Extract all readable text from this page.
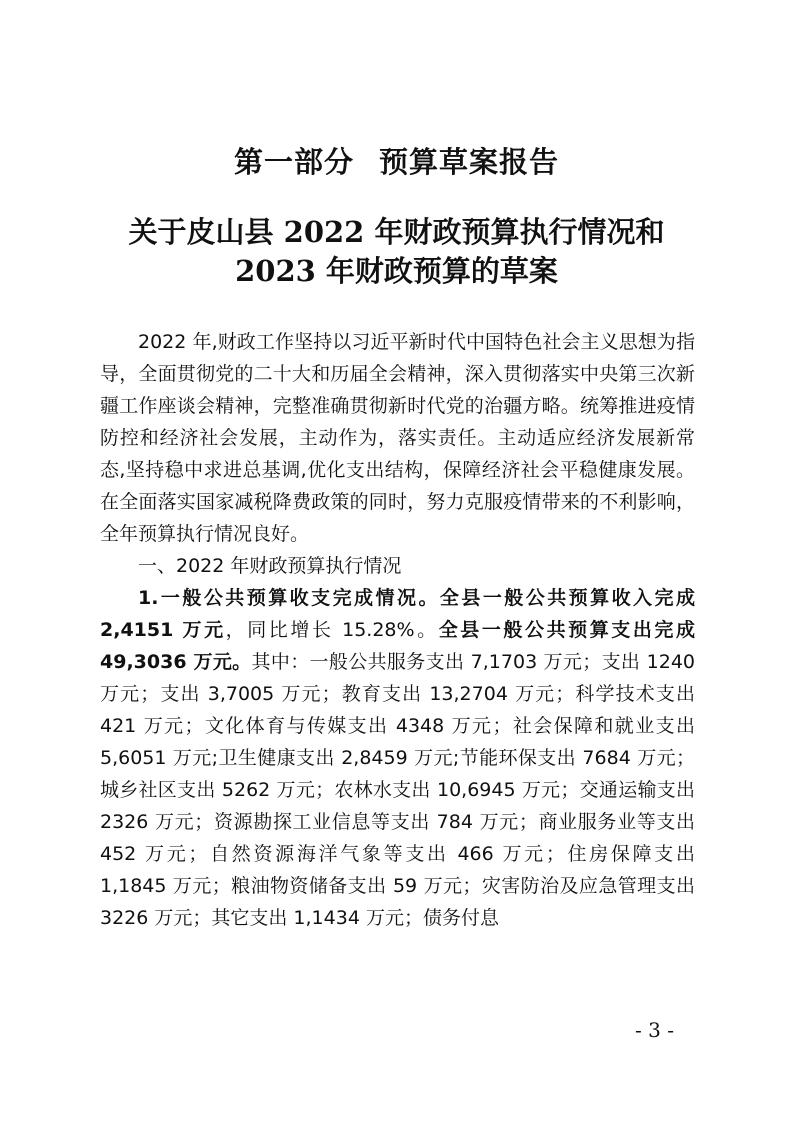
第一部分 预算草案报告
关于皮山县 2022 年财政预算执行情况和
2023 年财政预算的草案

2022 年,财政工作坚持以习近平新时代中国特色社会主义思想为指导，全面贯彻党的二十大和历届全会精神，深入贯彻落实中央第三次新疆工作座谈会精神，完整准确贯彻新时代党的治疆方略。统筹推进疫情防控和经济社会发展，主动作为，落实责任。主动适应经济发展新常态,坚持稳中求进总基调,优化支出结构，保障经济社会平稳健康发展。在全面落实国家减税降费政策的同时，努力克服疫情带来的不利影响，全年预算执行情况良好。

一、2022 年财政预算执行情况

1.一般公共预算收支完成情况。全县一般公共预算收入完成 2,4151 万元，同比增长 15.28%。全县一般公共预算支出完成 49,3036 万元。其中：一般公共服务支出 7,1703 万元；支出 1240 万元；支出 3,7005 万元；教育支出 13,2704 万元；科学技术支出 421 万元；文化体育与传媒支出 4348 万元；社会保障和就业支出 5,6051 万元;卫生健康支出 2,8459 万元;节能环保支出 7684 万元；城乡社区支出 5262 万元；农林水支出 10,6945 万元；交通运输支出 2326 万元；资源勘探工业信息等支出 784 万元；商业服务业等支出 452 万元；自然资源海洋气象等支出 466 万元；住房保障支出 1,1845 万元；粮油物资储备支出 59 万元；灾害防治及应急管理支出 3226 万元；其它支出 1,1434 万元；债务付息

- 3 -
